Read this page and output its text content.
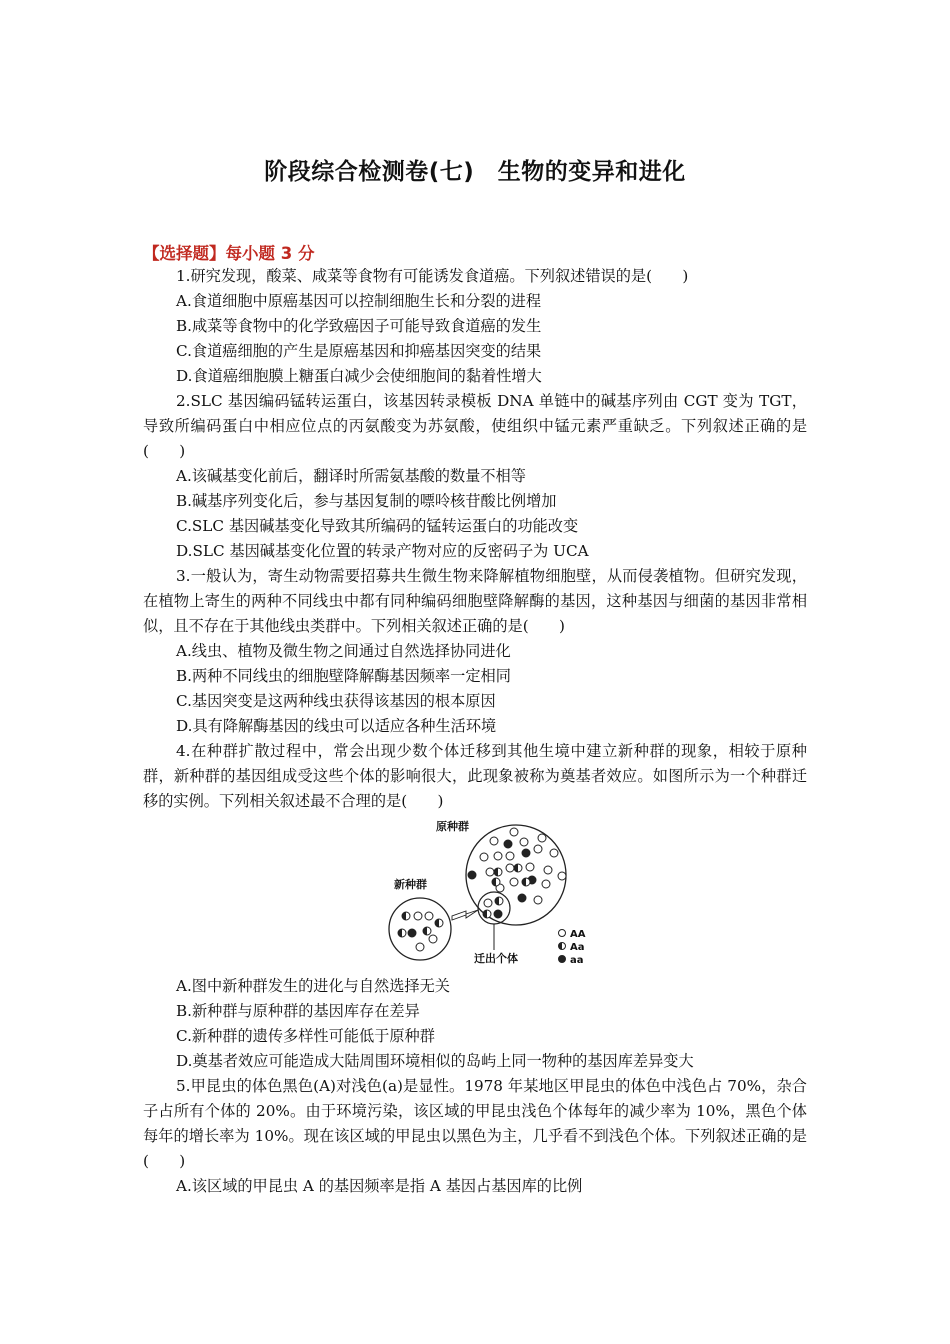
阶段综合检测卷(七)　生物的变异和进化
【选择题】每小题 3 分

1.研究发现，酸菜、咸菜等食物有可能诱发食道癌。下列叙述错误的是(　　)

A.食道细胞中原癌基因可以控制细胞生长和分裂的进程

B.咸菜等食物中的化学致癌因子可能导致食道癌的发生

C.食道癌细胞的产生是原癌基因和抑癌基因突变的结果

D.食道癌细胞膜上糖蛋白减少会使细胞间的黏着性增大

2.SLC 基因编码锰转运蛋白，该基因转录模板 DNA 单链中的碱基序列由 CGT 变为 TGT，导致所编码蛋白中相应位点的丙氨酸变为苏氨酸，使组织中锰元素严重缺乏。下列叙述正确的是(　　)

A.该碱基变化前后，翻译时所需氨基酸的数量不相等

B.碱基序列变化后，参与基因复制的嘌呤核苷酸比例增加

C.SLC 基因碱基变化导致其所编码的锰转运蛋白的功能改变

D.SLC 基因碱基变化位置的转录产物对应的反密码子为 UCA

3.一般认为，寄生动物需要招募共生微生物来降解植物细胞壁，从而侵袭植物。但研究发现，在植物上寄生的两种不同线虫中都有同种编码细胞壁降解酶的基因，这种基因与细菌的基因非常相似，且不存在于其他线虫类群中。下列相关叙述正确的是(　　)

A.线虫、植物及微生物之间通过自然选择协同进化

B.两种不同线虫的细胞壁降解酶基因频率一定相同

C.基因突变是这两种线虫获得该基因的根本原因

D.具有降解酶基因的线虫可以适应各种生活环境

4.在种群扩散过程中，常会出现少数个体迁移到其他生境中建立新种群的现象，相较于原种群，新种群的基因组成受这些个体的影响很大，此现象被称为奠基者效应。如图所示为一个种群迁移的实例。下列相关叙述最不合理的是(　　)

原种群
新种群
迁出个体
AA
Aa
aa

A.图中新种群发生的进化与自然选择无关

B.新种群与原种群的基因库存在差异

C.新种群的遗传多样性可能低于原种群

D.奠基者效应可能造成大陆周围环境相似的岛屿上同一物种的基因库差异变大

5.甲昆虫的体色黑色(A)对浅色(a)是显性。1978 年某地区甲昆虫的体色中浅色占 70%，杂合子占所有个体的 20%。由于环境污染，该区域的甲昆虫浅色个体每年的减少率为 10%，黑色个体每年的增长率为 10%。现在该区域的甲昆虫以黑色为主，几乎看不到浅色个体。下列叙述正确的是(　　)

A.该区域的甲昆虫 A 的基因频率是指 A 基因占基因库的比例
